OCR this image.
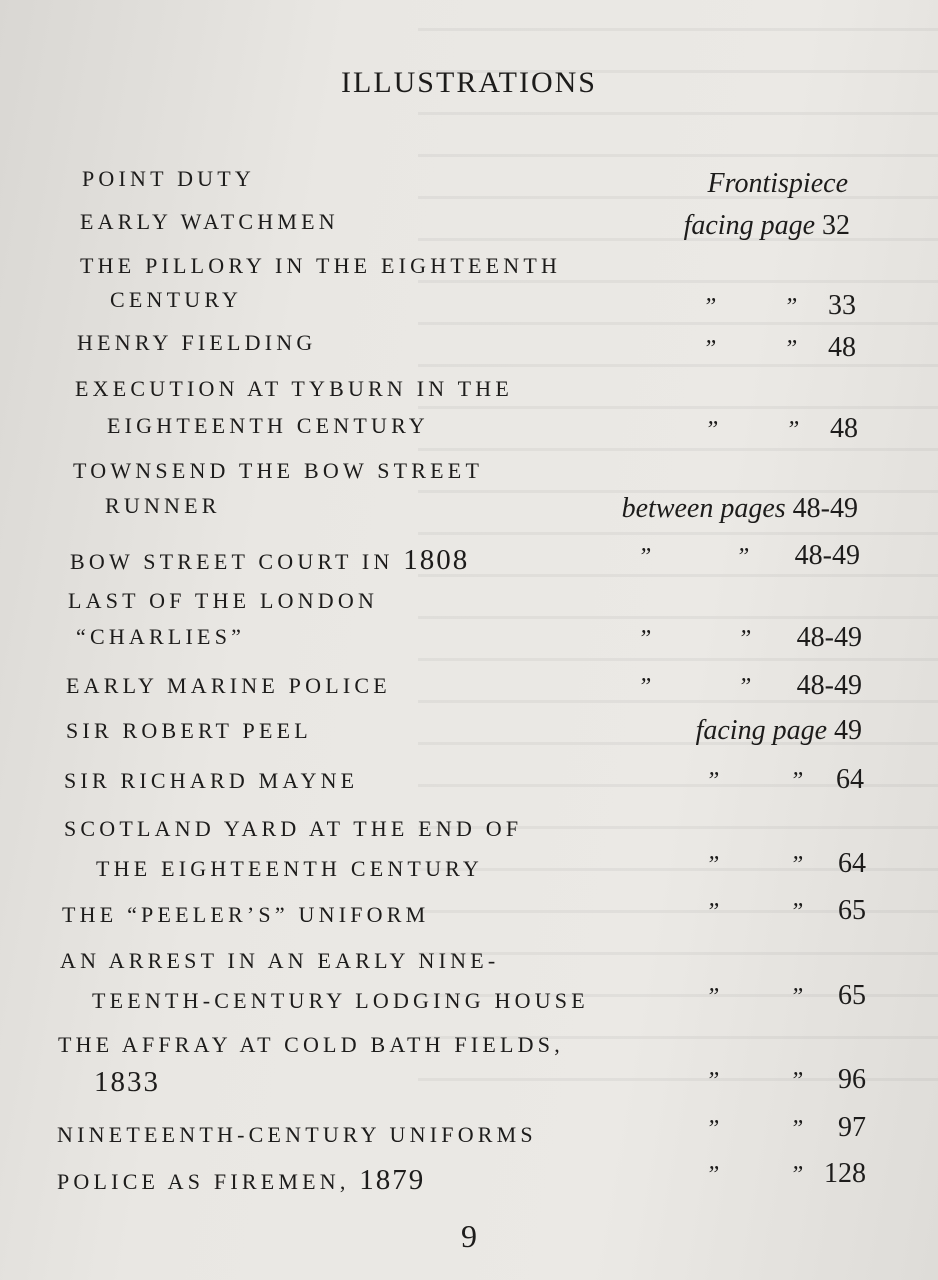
ILLUSTRATIONS
POINT DUTY	Frontispiece
EARLY WATCHMEN	facing page 32
THE PILLORY IN THE EIGHTEENTH
CENTURY	”	” 33
HENRY FIELDING	”	” 48
EXECUTION AT TYBURN IN THE
EIGHTEENTH CENTURY	”	” 48
TOWNSEND THE BOW STREET
RUNNER	between pages 48-49
BOW STREET COURT IN 1808	”	” 48-49
LAST OF THE LONDON
“CHARLIES”	”	” 48-49
EARLY MARINE POLICE	”	” 48-49
SIR ROBERT PEEL	facing page 49
SIR RICHARD MAYNE	”	” 64
SCOTLAND YARD AT THE END OF
THE EIGHTEENTH CENTURY	”	” 64
THE “PEELER’S” UNIFORM	”	” 65
AN ARREST IN AN EARLY NINE-
TEENTH-CENTURY LODGING HOUSE	”	” 65
THE AFFRAY AT COLD BATH FIELDS,
1833	”	” 96
NINETEENTH-CENTURY UNIFORMS	”	” 97
POLICE AS FIREMEN, 1879	”	” 128
9
